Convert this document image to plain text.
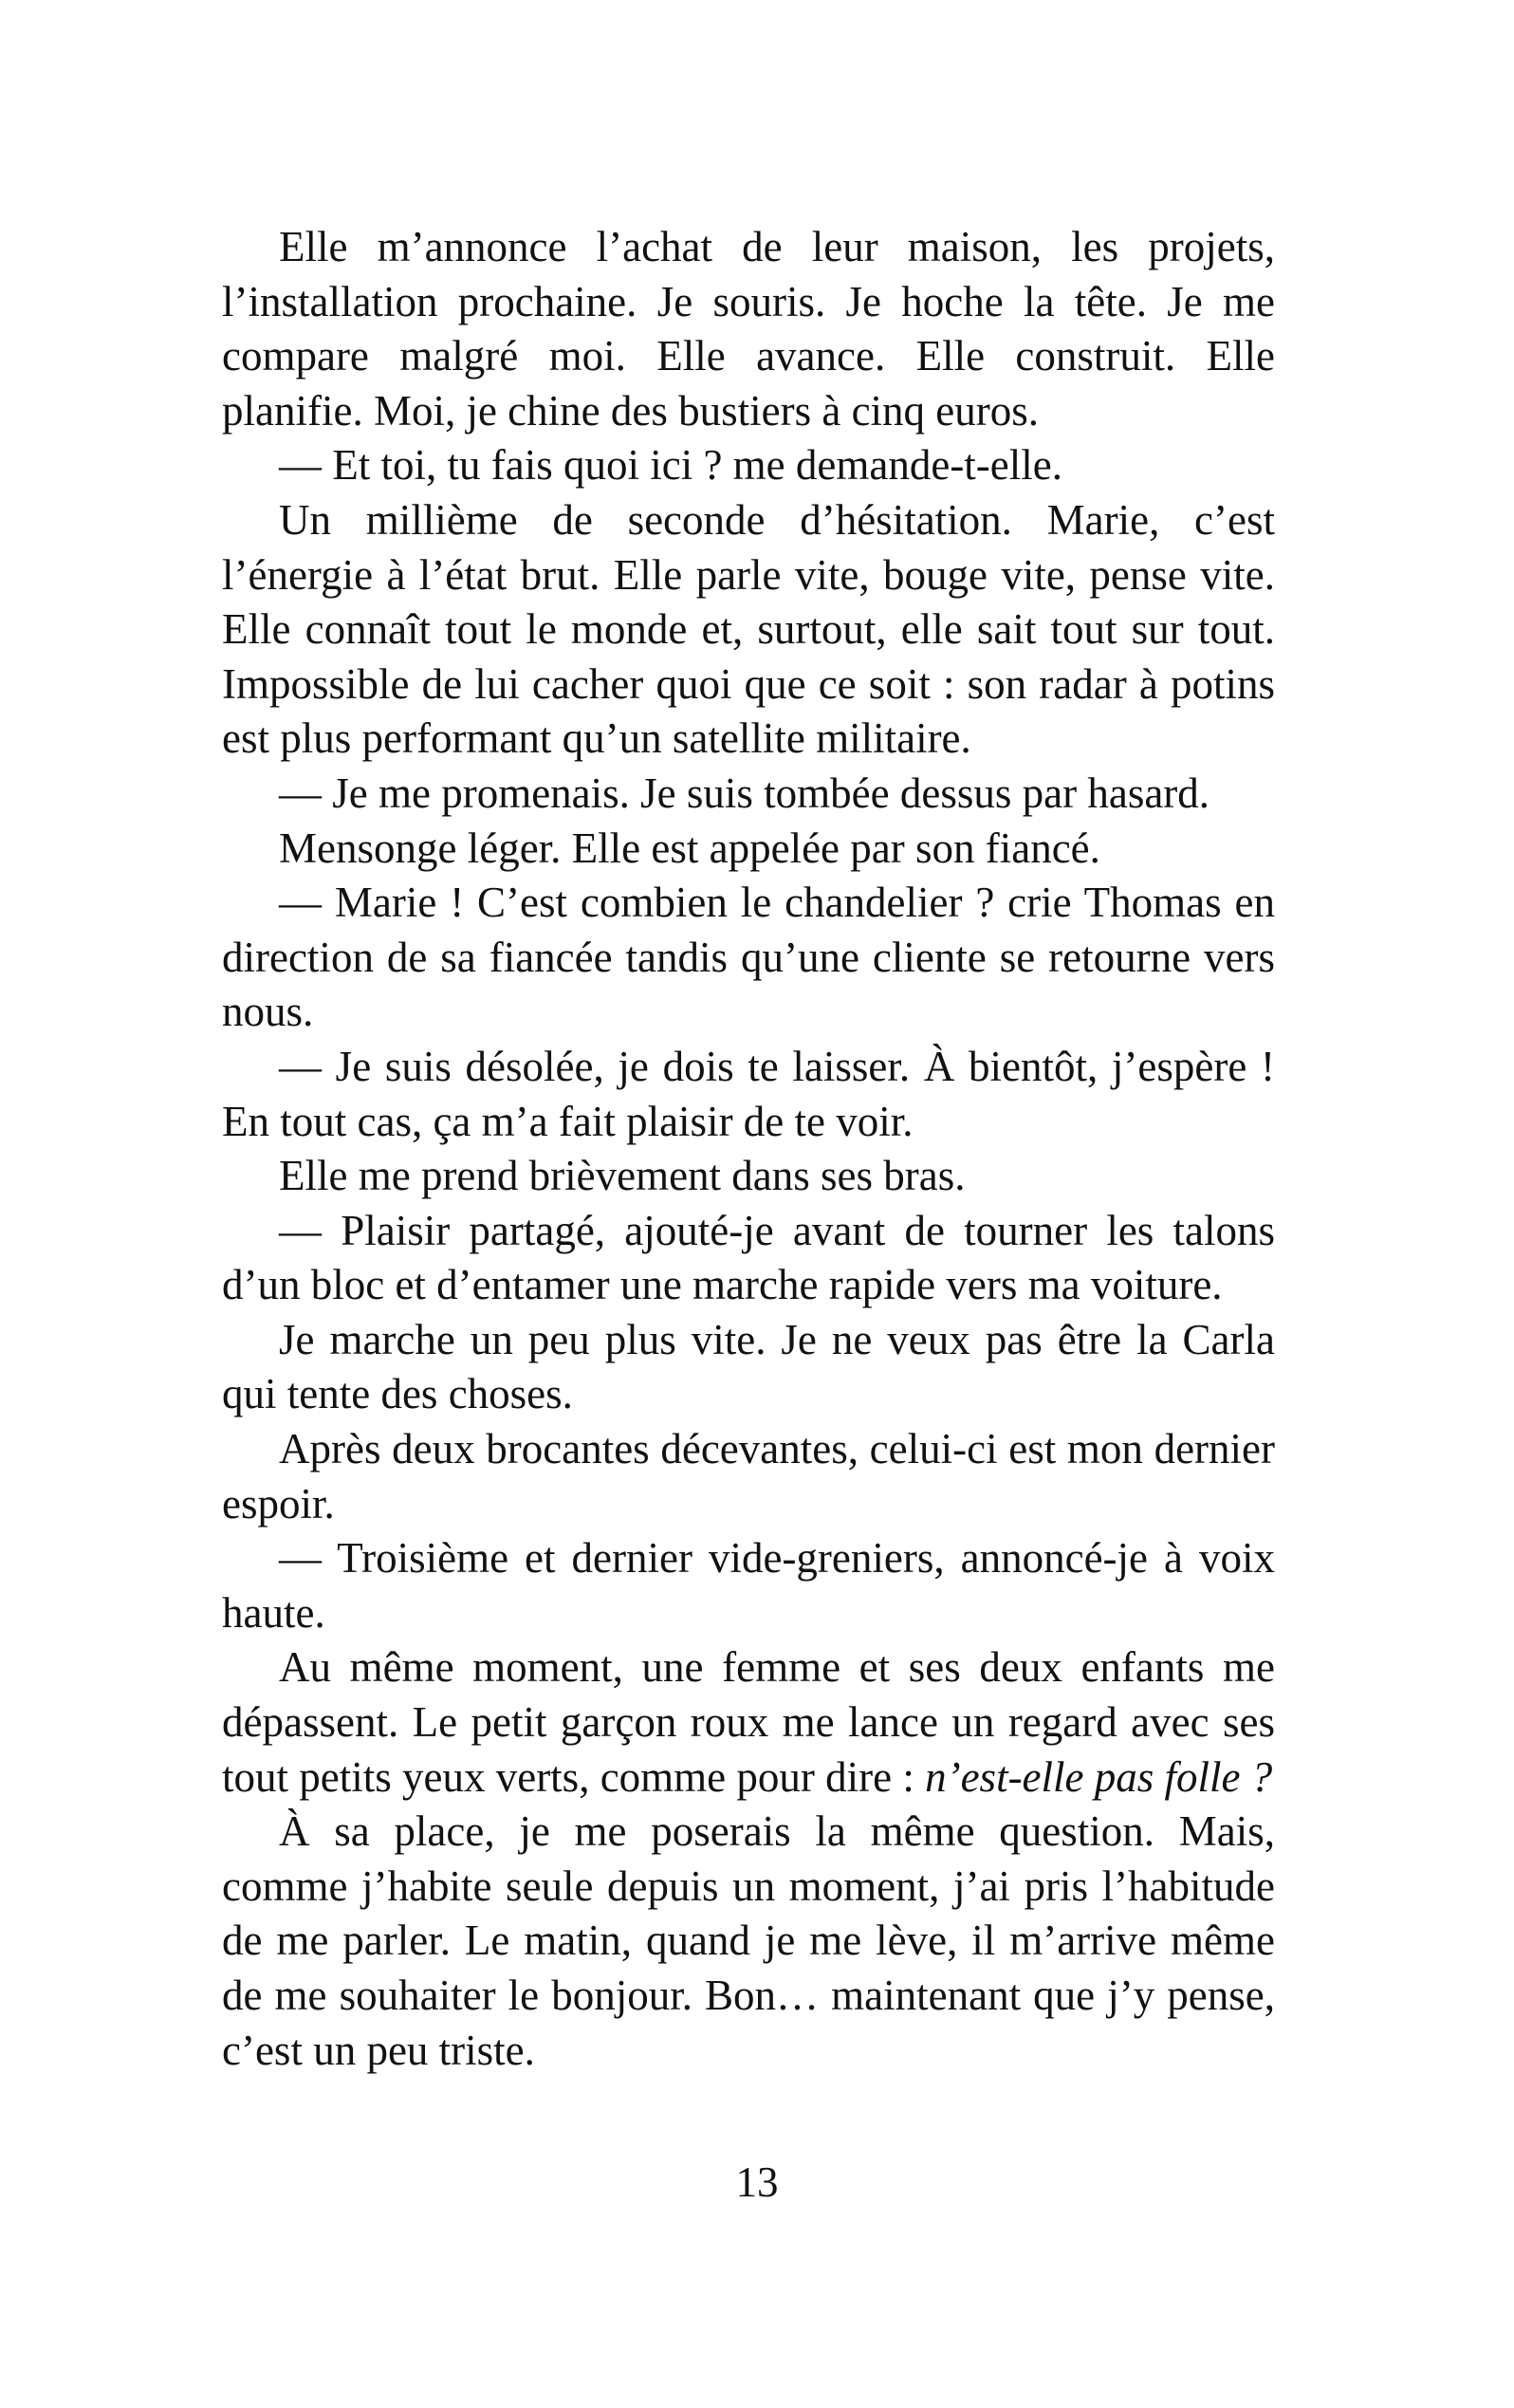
Elle m’annonce l’achat de leur maison, les projets, l’installation prochaine. Je souris. Je hoche la tête. Je me compare malgré moi. Elle avance. Elle construit. Elle planifie. Moi, je chine des bustiers à cinq euros.

— Et toi, tu fais quoi ici ? me demande-t-elle.

Un millième de seconde d’hésitation. Marie, c’est l’énergie à l’état brut. Elle parle vite, bouge vite, pense vite. Elle connaît tout le monde et, surtout, elle sait tout sur tout. Impossible de lui cacher quoi que ce soit : son radar à potins est plus performant qu’un satellite militaire.

— Je me promenais. Je suis tombée dessus par hasard.

Mensonge léger. Elle est appelée par son fiancé.

— Marie ! C’est combien le chandelier ? crie Thomas en direction de sa fiancée tandis qu’une cliente se retourne vers nous.

— Je suis désolée, je dois te laisser. À bientôt, j’espère ! En tout cas, ça m’a fait plaisir de te voir.

Elle me prend brièvement dans ses bras.

— Plaisir partagé, ajouté-je avant de tourner les talons d’un bloc et d’entamer une marche rapide vers ma voiture.

Je marche un peu plus vite. Je ne veux pas être la Carla qui tente des choses.

Après deux brocantes décevantes, celui-ci est mon dernier espoir.

— Troisième et dernier vide-greniers, annoncé-je à voix haute.

Au même moment, une femme et ses deux enfants me dépassent. Le petit garçon roux me lance un regard avec ses tout petits yeux verts, comme pour dire : n’est-elle pas folle ?

À sa place, je me poserais la même question. Mais, comme j’habite seule depuis un moment, j’ai pris l’habitude de me parler. Le matin, quand je me lève, il m’arrive même de me souhaiter le bonjour. Bon… maintenant que j’y pense, c’est un peu triste.

13
